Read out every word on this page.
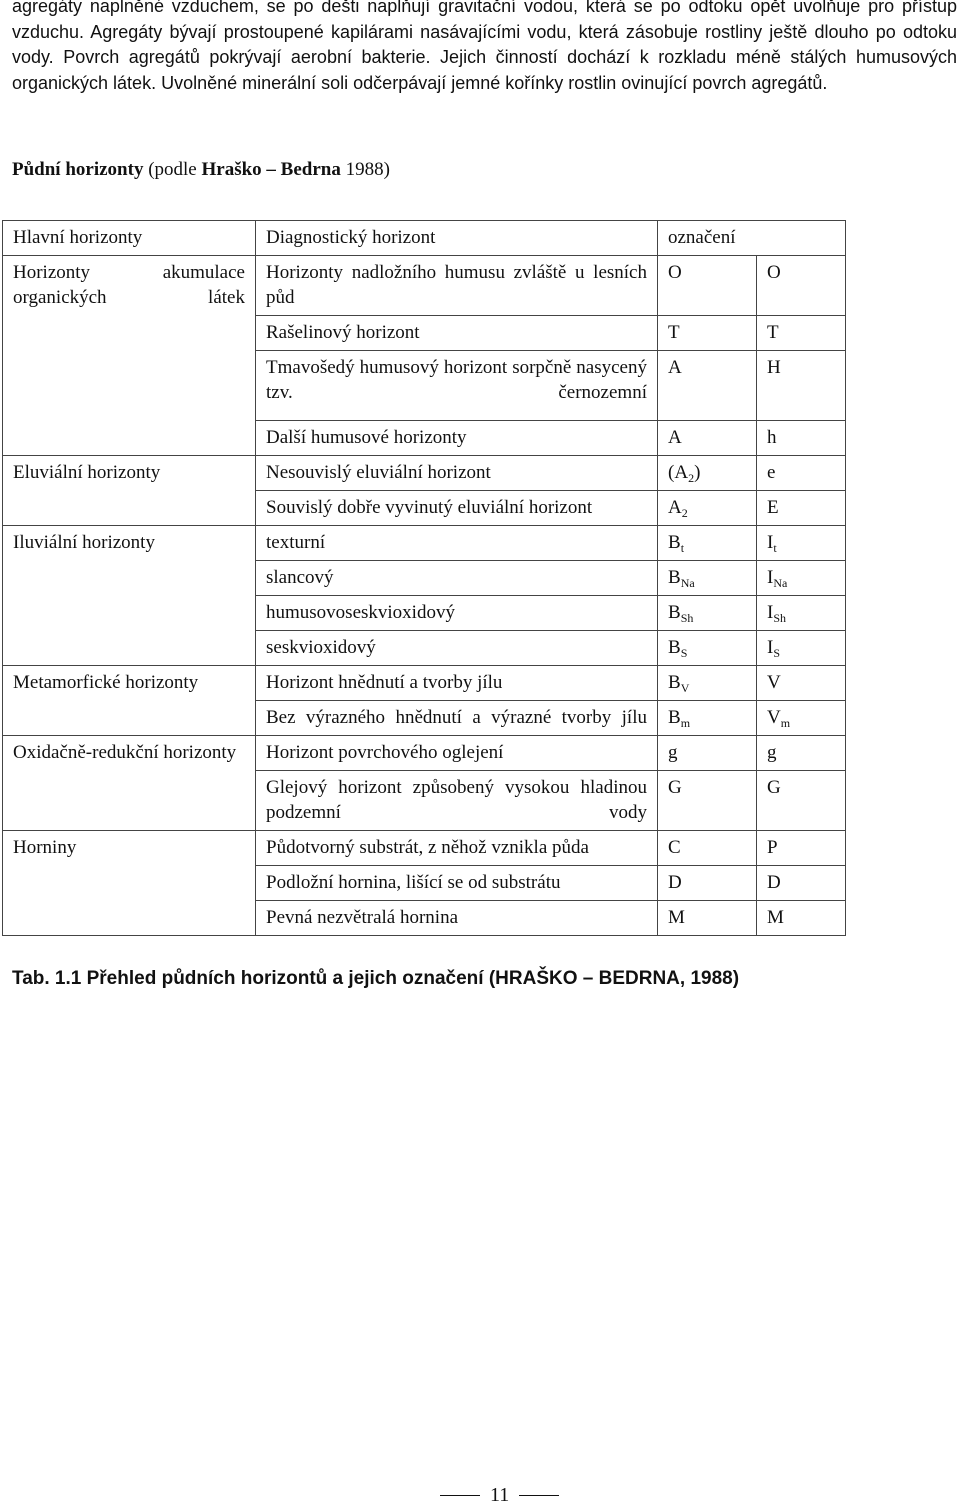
agregáty naplněné vzduchem, se po dešti naplňují gravitační vodou, která se po odtoku opět uvolňuje pro přístup vzduchu. Agregáty bývají prostoupené kapilárami nasávajícími vodu, která zásobuje rostliny ještě dlouho po odtoku vody. Povrch agregátů pokrývají aerobní bakterie. Jejich činností dochází k rozkladu méně stálých humusových organických látek. Uvolněné minerální soli odčerpávají jemné kořínky rostlin ovinující povrch agregátů.

Půdní horizonty (podle Hraško – Bedrna 1988)

Hlavní horizonty	Diagnostický horizont	označení	
Horizonty akumulace organických látek	Horizonty nadložního humusu zvláště u lesních půd	O	O
	Rašelinový horizont	T	T
	Tmavošedý humusový horizont sorpčně nasycený tzv. černozemní	A	H
	Další humusové horizonty	A	h
Eluviální horizonty	Nesouvislý eluviální horizont	$(A_2)$	e
	Souvislý dobře vyvinutý eluviální horizont	$A_2$	E
Iluviální horizonty	texturní	$B_t$	$I_t$
	slancový	$B_{Na}$	$I_{Na}$
	humusovoseskvioxidový	$B_{Sh}$	$I_{Sh}$
	seskvioxidový	$B_S$	$I_S$
Metamorfické horizonty	Horizont hnědnutí a tvorby jílu	$B_V$	V
	Bez výrazného hnědnutí a výrazné tvorby jílu	$B_m$	$V_m$
Oxidačně-redukční horizonty	Horizont povrchového oglejení	g	g
	Glejový horizont způsobený vysokou hladinou podzemní vody	G	G
Horniny	Půdotvorný substrát, z něhož vznikla půda	C	P
	Podložní hornina, lišící se od substrátu	D	D
	Pevná nezvětralá hornina	M	M

Tab. 1.1 Přehled půdních horizontů a jejich označení (HRAŠKO – BEDRNA, 1988)

11
